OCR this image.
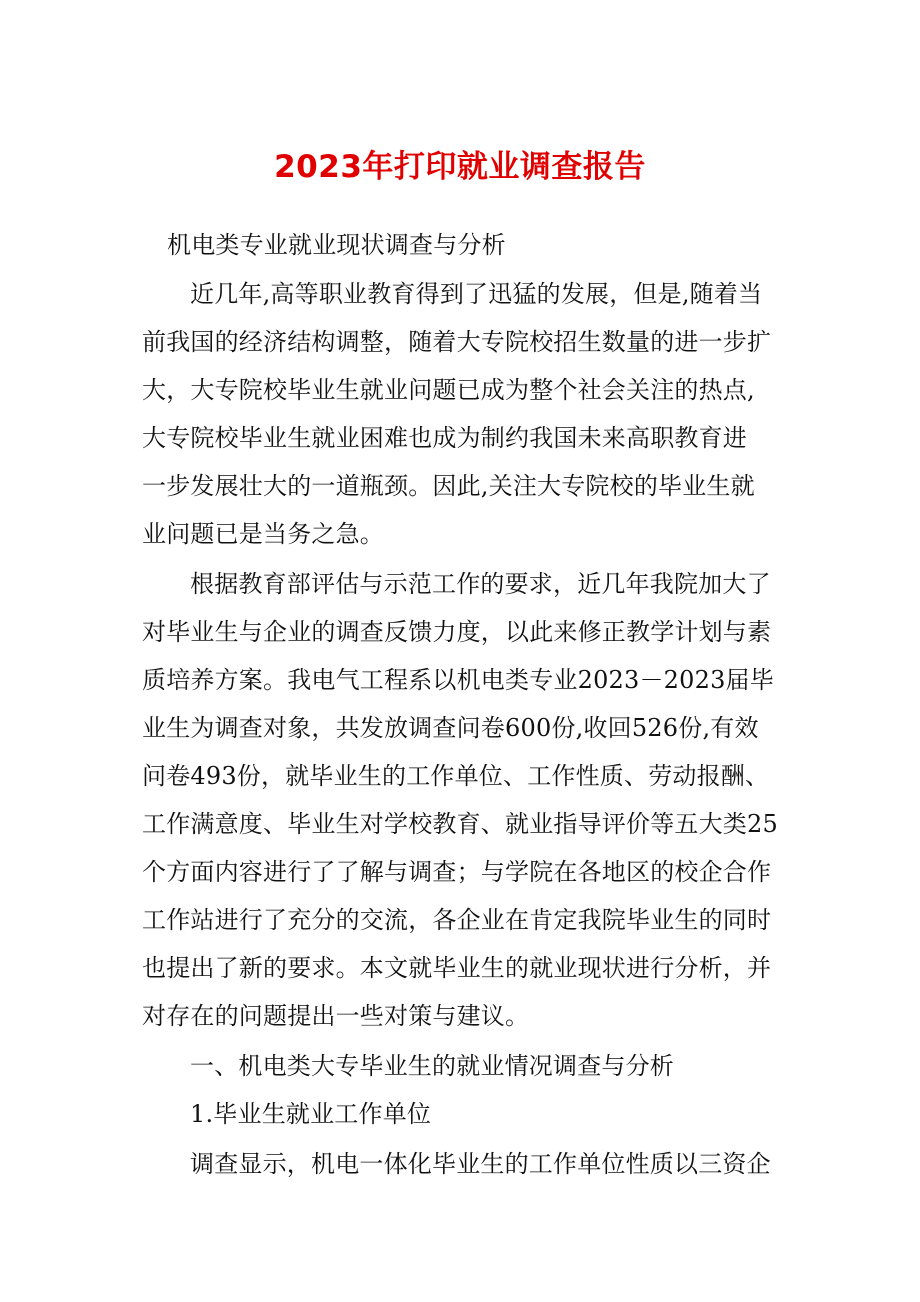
2023年打印就业调查报告
机电类专业就业现状调查与分析
近几年,高等职业教育得到了迅猛的发展，但是,随着当
前我国的经济结构调整，随着大专院校招生数量的进一步扩
大，大专院校毕业生就业问题已成为整个社会关注的热点,
大专院校毕业生就业困难也成为制约我国未来高职教育进
一步发展壮大的一道瓶颈。因此,关注大专院校的毕业生就
业问题已是当务之急。
根据教育部评估与示范工作的要求，近几年我院加大了
对毕业生与企业的调查反馈力度，以此来修正教学计划与素
质培养方案。我电气工程系以机电类专业2023－2023届毕
业生为调查对象，共发放调查问卷600份,收回526份,有效
问卷493份，就毕业生的工作单位、工作性质、劳动报酬、
工作满意度、毕业生对学校教育、就业指导评价等五大类25
个方面内容进行了了解与调查；与学院在各地区的校企合作
工作站进行了充分的交流，各企业在肯定我院毕业生的同时
也提出了新的要求。本文就毕业生的就业现状进行分析，并
对存在的问题提出一些对策与建议。
一、机电类大专毕业生的就业情况调查与分析
1.毕业生就业工作单位
调查显示，机电一体化毕业生的工作单位性质以三资企
